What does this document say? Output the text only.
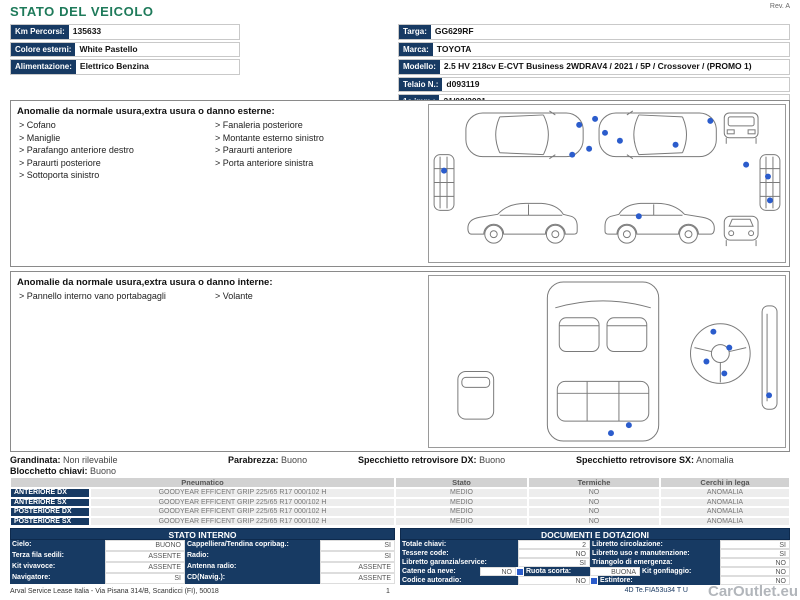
STATO DEL VEICOLO	Rev. A
Km Percorsi: 135633
Colore esterni: White Pastello
Alimentazione: Elettrico Benzina
Targa: GG629RF
Marca: TOYOTA
Modello: 2.5 HV 218cv E-CVT Business 2WDRAV4 / 2021 / 5P / Crossover / (PROMO 1)
Telaio N.: d093119
Anomalie da normale usura,extra usura o danno esterne:
> Cofano
> Maniglie
> Parafango anteriore destro
> Paraurti posteriore
> Sottoporta sinistro
> Fanaleria posteriore
> Montante esterno sinistro
> Paraurti anteriore
> Porta anteriore sinistra
Anomalie da normale usura,extra usura o danno interne:
> Pannello interno vano portabagagli	> Volante
Grandinata: Non rilevabile	Parabrezza: Buono	Specchietto retrovisore DX: Buono	Specchietto retrovisore SX: Anomalia
Blocchetto chiavi: Buono
Pneumatico	Stato	Termiche	Cerchi in lega
ANTERIORE DX	GOODYEAR EFFICENT GRIP 225/65 R17 000/102 H	MEDIO	NO	ANOMALIA
ANTERIORE SX	GOODYEAR EFFICENT GRIP 225/65 R17 000/102 H	MEDIO	NO	ANOMALIA
POSTERIORE DX	GOODYEAR EFFICENT GRIP 225/65 R17 000/102 H	MEDIO	NO	ANOMALIA
POSTERIORE SX	GOODYEAR EFFICENT GRIP 225/65 R17 000/102 H	MEDIO	NO	ANOMALIA
STATO INTERNO
Cielo:	BUONO Cappelliera/Tendina copribag.:	SI
Terza fila sedili:	ASSENTE Radio:	SI
Kit vivavoce:	ASSENTE Antenna radio:	ASSENTE
Navigatore:	SI CD(Navig.):	ASSENTE
DOCUMENTI E DOTAZIONI
Totale chiavi:	2 Libretto circolazione:	SI
Tessere code:	NO Libretto uso e manutenzione:	SI
Libretto garanzia/service:	SI Triangolo di emergenza:	NO
Catene da neve:	NO	Ruota scorta:	BUONA Kit gonfiaggio:	NO
Codice autoradio:	NO	Estintore:	NO
Arval Service Lease Italia - Via Pisana 314/B, Scandicci (FI), 50018	1	4D Te.FIA53u34 T U CarOutlet.eu
